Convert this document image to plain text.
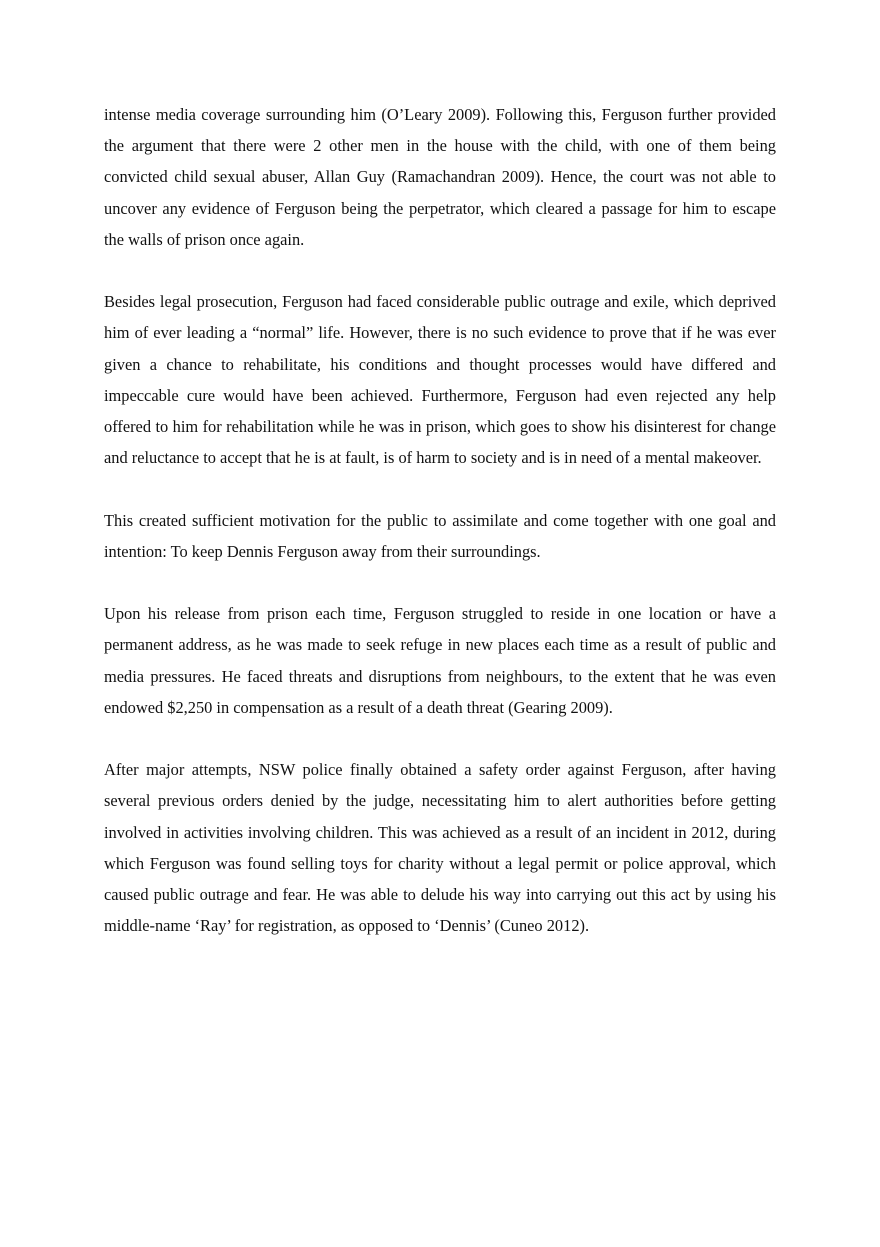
intense media coverage surrounding him (O’Leary 2009). Following this, Ferguson further provided the argument that there were 2 other men in the house with the child, with one of them being convicted child sexual abuser, Allan Guy (Ramachandran 2009). Hence, the court was not able to uncover any evidence of Ferguson being the perpetrator, which cleared a passage for him to escape the walls of prison once again.

Besides legal prosecution, Ferguson had faced considerable public outrage and exile, which deprived him of ever leading a “normal” life. However, there is no such evidence to prove that if he was ever given a chance to rehabilitate, his conditions and thought processes would have differed and impeccable cure would have been achieved. Furthermore, Ferguson had even rejected any help offered to him for rehabilitation while he was in prison, which goes to show his disinterest for change and reluctance to accept that he is at fault, is of harm to society and is in need of a mental makeover.

This created sufficient motivation for the public to assimilate and come together with one goal and intention: To keep Dennis Ferguson away from their surroundings.

Upon his release from prison each time, Ferguson struggled to reside in one location or have a permanent address, as he was made to seek refuge in new places each time as a result of public and media pressures. He faced threats and disruptions from neighbours, to the extent that he was even endowed $2,250 in compensation as a result of a death threat (Gearing 2009).

After major attempts, NSW police finally obtained a safety order against Ferguson, after having several previous orders denied by the judge, necessitating him to alert authorities before getting involved in activities involving children. This was achieved as a result of an incident in 2012, during which Ferguson was found selling toys for charity without a legal permit or police approval, which caused public outrage and fear. He was able to delude his way into carrying out this act by using his middle-name ‘Ray’ for registration, as opposed to ‘Dennis’ (Cuneo 2012).
